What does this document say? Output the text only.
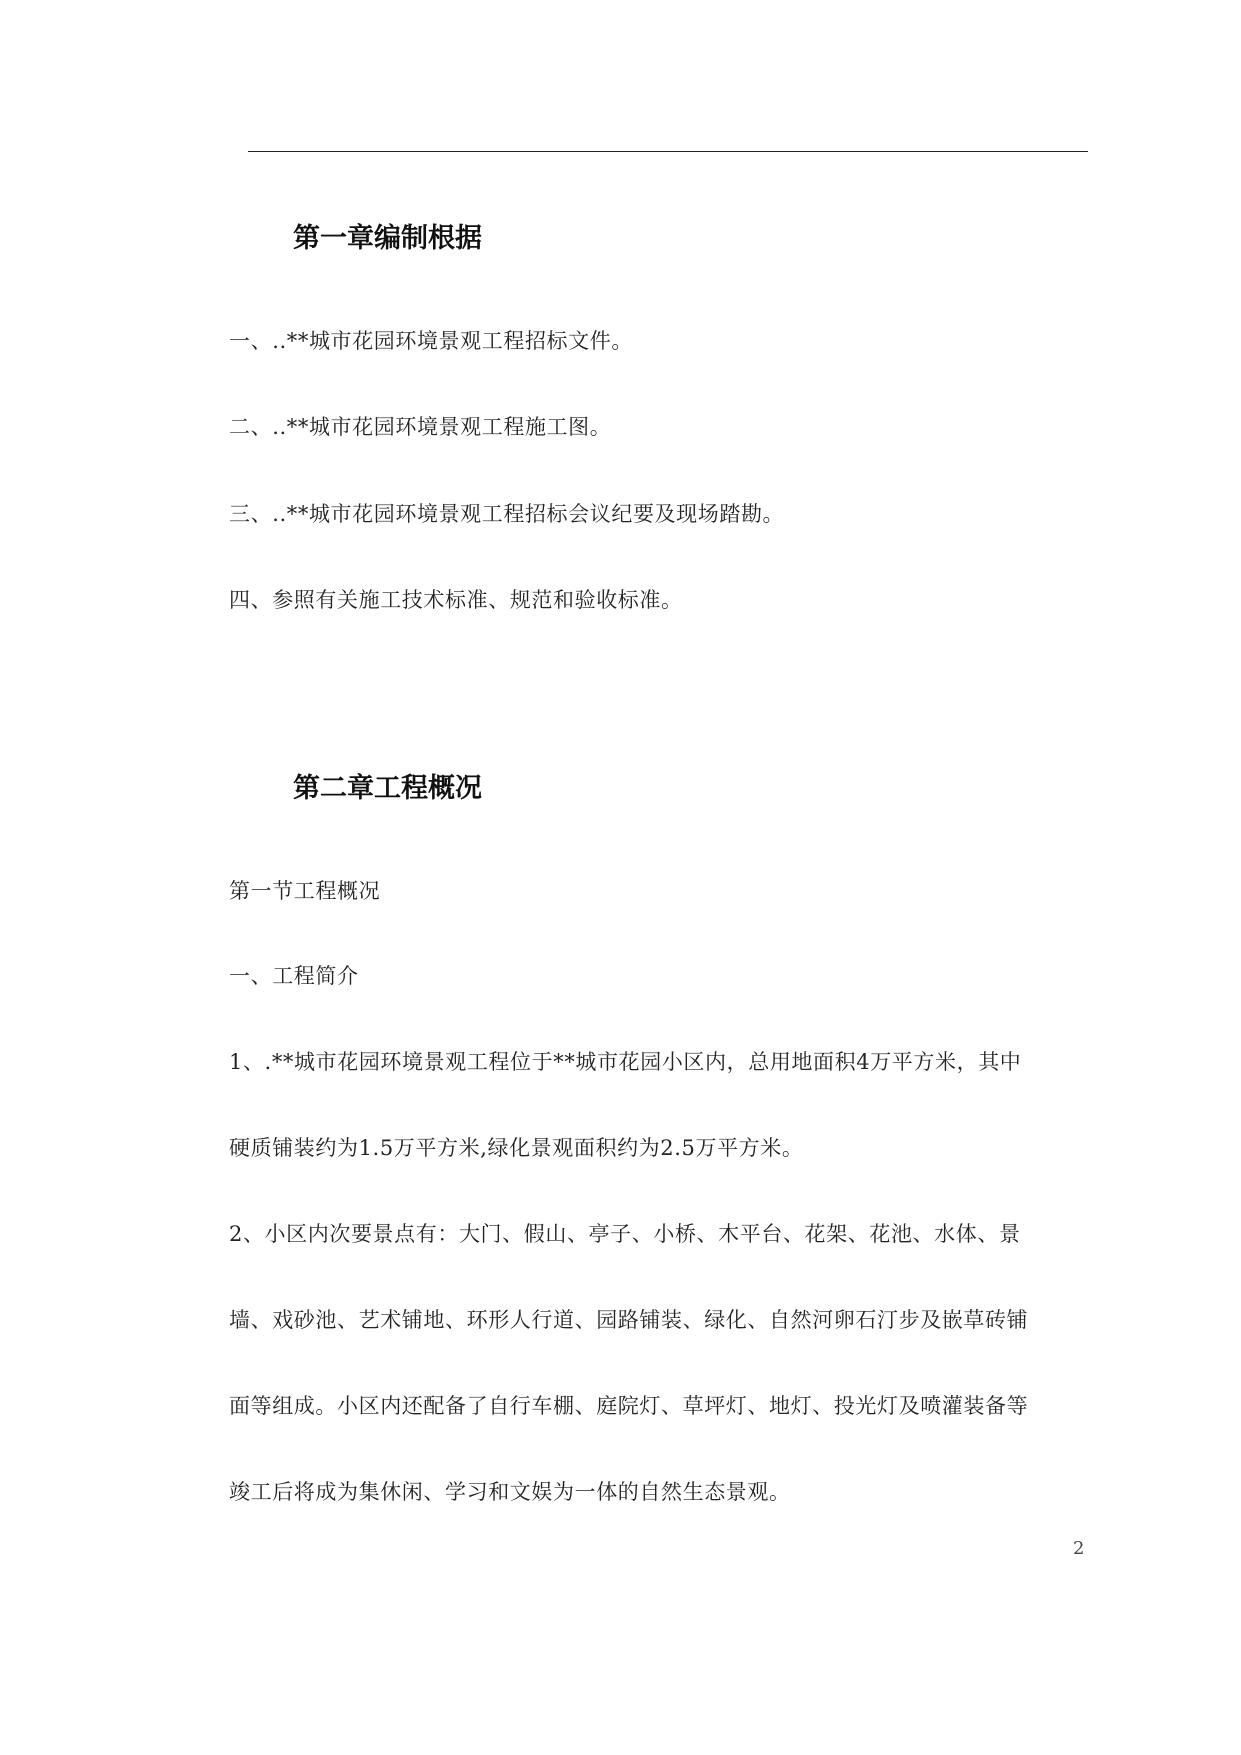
第一章编制根据
一、..**城市花园环境景观工程招标文件。
二、..**城市花园环境景观工程施工图。
三、..**城市花园环境景观工程招标会议纪要及现场踏勘。
四、参照有关施工技术标准、规范和验收标准。
第二章工程概况
第一节工程概况
一、工程简介
1、.**城市花园环境景观工程位于**城市花园小区内，总用地面积4万平方米，其中
硬质铺装约为1.5万平方米,绿化景观面积约为2.5万平方米。
2、小区内次要景点有：大门、假山、亭子、小桥、木平台、花架、花池、水体、景
墙、戏砂池、艺术铺地、环形人行道、园路铺装、绿化、自然河卵石汀步及嵌草砖铺
面等组成。小区内还配备了自行车棚、庭院灯、草坪灯、地灯、投光灯及喷灌装备等
竣工后将成为集休闲、学习和文娱为一体的自然生态景观。
2
